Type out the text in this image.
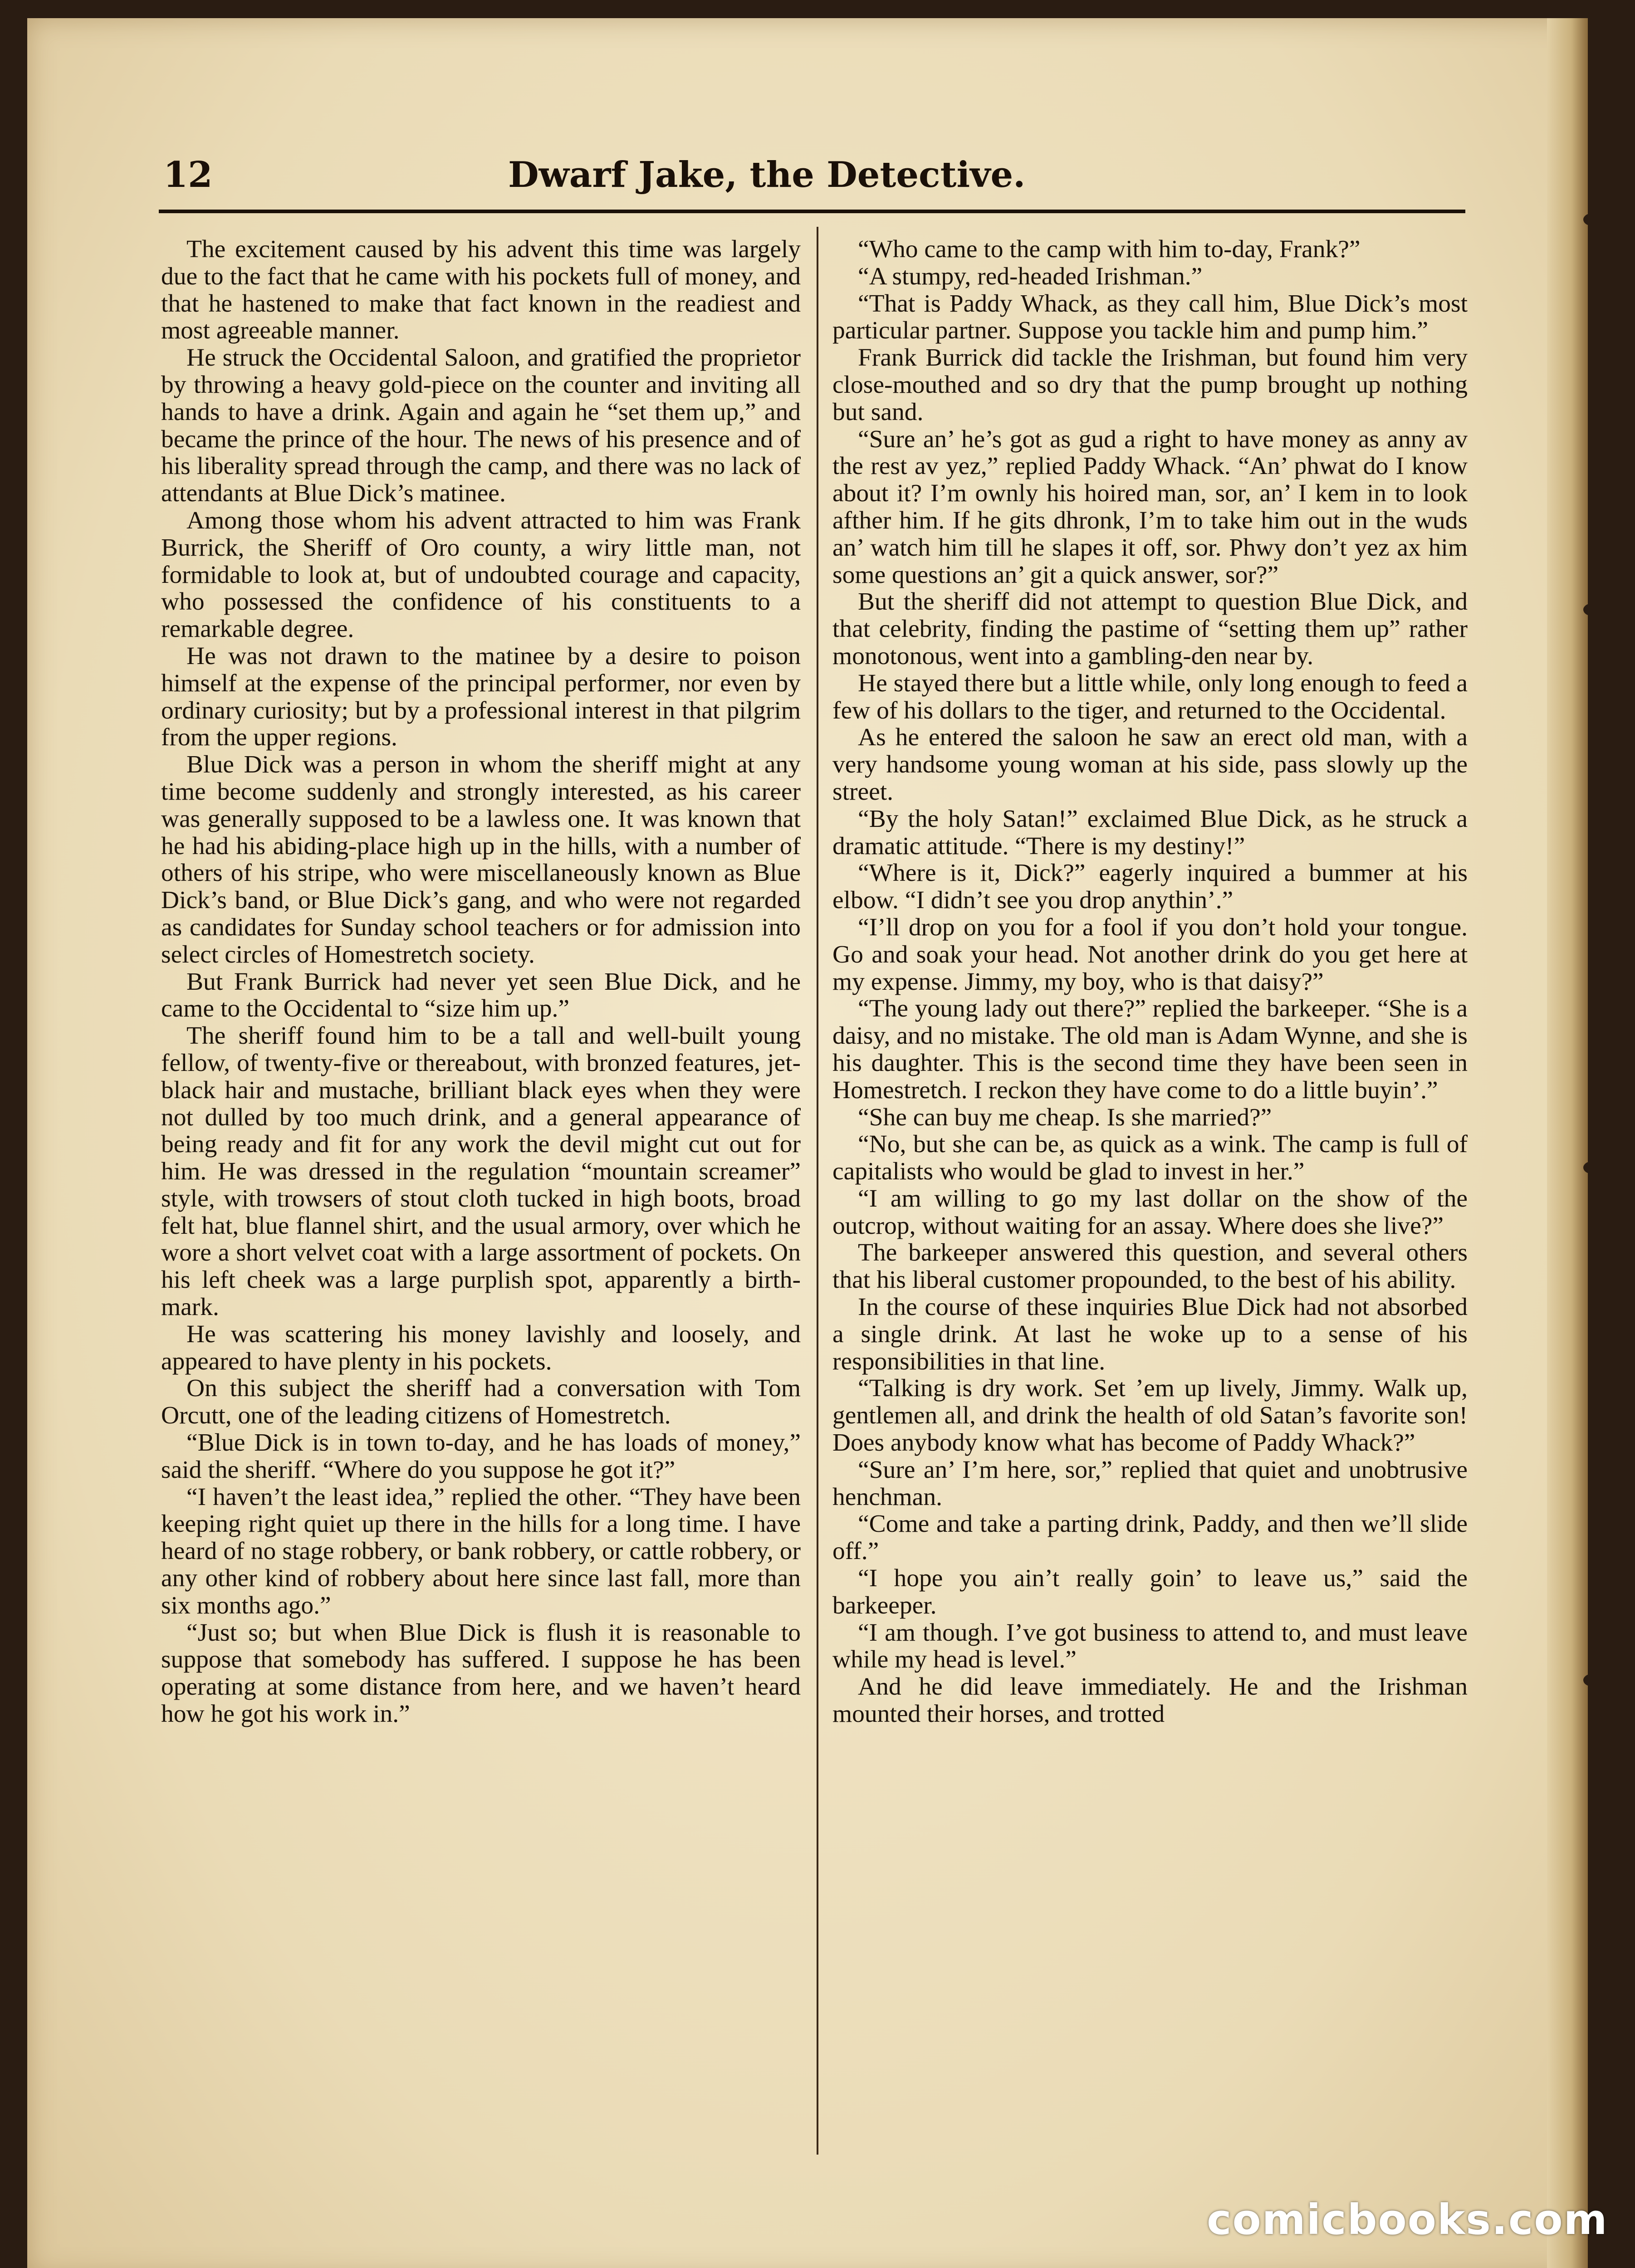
12	Dwarf Jake, the Detective.

The excitement caused by his advent this time was largely due to the fact that he came with his pockets full of money, and that he hastened to make that fact known in the readiest and most agreeable manner.

He struck the Occidental Saloon, and gratified the proprietor by throwing a heavy gold-piece on the counter and inviting all hands to have a drink. Again and again he “set them up,” and became the prince of the hour. The news of his presence and of his liberality spread through the camp, and there was no lack of attendants at Blue Dick’s matinee.

Among those whom his advent attracted to him was Frank Burrick, the Sheriff of Oro county, a wiry little man, not formidable to look at, but of undoubted courage and capacity, who possessed the confidence of his constituents to a remarkable degree.

He was not drawn to the matinee by a desire to poison himself at the expense of the principal performer, nor even by ordinary curiosity; but by a professional interest in that pilgrim from the upper regions.

Blue Dick was a person in whom the sheriff might at any time become suddenly and strongly interested, as his career was generally supposed to be a lawless one. It was known that he had his abiding-place high up in the hills, with a number of others of his stripe, who were miscellaneously known as Blue Dick’s band, or Blue Dick’s gang, and who were not regarded as candidates for Sunday school teachers or for admission into select circles of Homestretch society.

But Frank Burrick had never yet seen Blue Dick, and he came to the Occidental to “size him up.”

The sheriff found him to be a tall and well-built young fellow, of twenty-five or thereabout, with bronzed features, jet-black hair and mustache, brilliant black eyes when they were not dulled by too much drink, and a general appearance of being ready and fit for any work the devil might cut out for him. He was dressed in the regulation “mountain screamer” style, with trowsers of stout cloth tucked in high boots, broad felt hat, blue flannel shirt, and the usual armory, over which he wore a short velvet coat with a large assortment of pockets. On his left cheek was a large purplish spot, apparently a birth-mark.

He was scattering his money lavishly and loosely, and appeared to have plenty in his pockets.

On this subject the sheriff had a conversation with Tom Orcutt, one of the leading citizens of Homestretch.

“Blue Dick is in town to-day, and he has loads of money,” said the sheriff. “Where do you suppose he got it?”

“I haven’t the least idea,” replied the other. “They have been keeping right quiet up there in the hills for a long time. I have heard of no stage robbery, or bank robbery, or cattle robbery, or any other kind of robbery about here since last fall, more than six months ago.”

“Just so; but when Blue Dick is flush it is reasonable to suppose that somebody has suffered. I suppose he has been operating at some distance from here, and we haven’t heard how he got his work in.”

“Who came to the camp with him to-day, Frank?”

“A stumpy, red-headed Irishman.”

“That is Paddy Whack, as they call him, Blue Dick’s most particular partner. Suppose you tackle him and pump him.”

Frank Burrick did tackle the Irishman, but found him very close-mouthed and so dry that the pump brought up nothing but sand.

“Sure an’ he’s got as gud a right to have money as anny av the rest av yez,” replied Paddy Whack. “An’ phwat do I know about it? I’m ownly his hoired man, sor, an’ I kem in to look afther him. If he gits dhronk, I’m to take him out in the wuds an’ watch him till he slapes it off, sor. Phwy don’t yez ax him some questions an’ git a quick answer, sor?”

But the sheriff did not attempt to question Blue Dick, and that celebrity, finding the pastime of “setting them up” rather monotonous, went into a gambling-den near by.

He stayed there but a little while, only long enough to feed a few of his dollars to the tiger, and returned to the Occidental.

As he entered the saloon he saw an erect old man, with a very handsome young woman at his side, pass slowly up the street.

“By the holy Satan!” exclaimed Blue Dick, as he struck a dramatic attitude. “There is my destiny!”

“Where is it, Dick?” eagerly inquired a bummer at his elbow. “I didn’t see you drop anythin’.”

“I’ll drop on you for a fool if you don’t hold your tongue. Go and soak your head. Not another drink do you get here at my expense. Jimmy, my boy, who is that daisy?”

“The young lady out there?” replied the barkeeper. “She is a daisy, and no mistake. The old man is Adam Wynne, and she is his daughter. This is the second time they have been seen in Homestretch. I reckon they have come to do a little buyin’.”

“She can buy me cheap. Is she married?”

“No, but she can be, as quick as a wink. The camp is full of capitalists who would be glad to invest in her.”

“I am willing to go my last dollar on the show of the outcrop, without waiting for an assay. Where does she live?”

The barkeeper answered this question, and several others that his liberal customer propounded, to the best of his ability.

In the course of these inquiries Blue Dick had not absorbed a single drink. At last he woke up to a sense of his responsibilities in that line.

“Talking is dry work. Set ’em up lively, Jimmy. Walk up, gentlemen all, and drink the health of old Satan’s favorite son! Does anybody know what has become of Paddy Whack?”

“Sure an’ I’m here, sor,” replied that quiet and unobtrusive henchman.

“Come and take a parting drink, Paddy, and then we’ll slide off.”

“I hope you ain’t really goin’ to leave us,” said the barkeeper.

“I am though. I’ve got business to attend to, and must leave while my head is level.”

And he did leave immediately. He and the Irishman mounted their horses, and trotted

comicbooks.com
